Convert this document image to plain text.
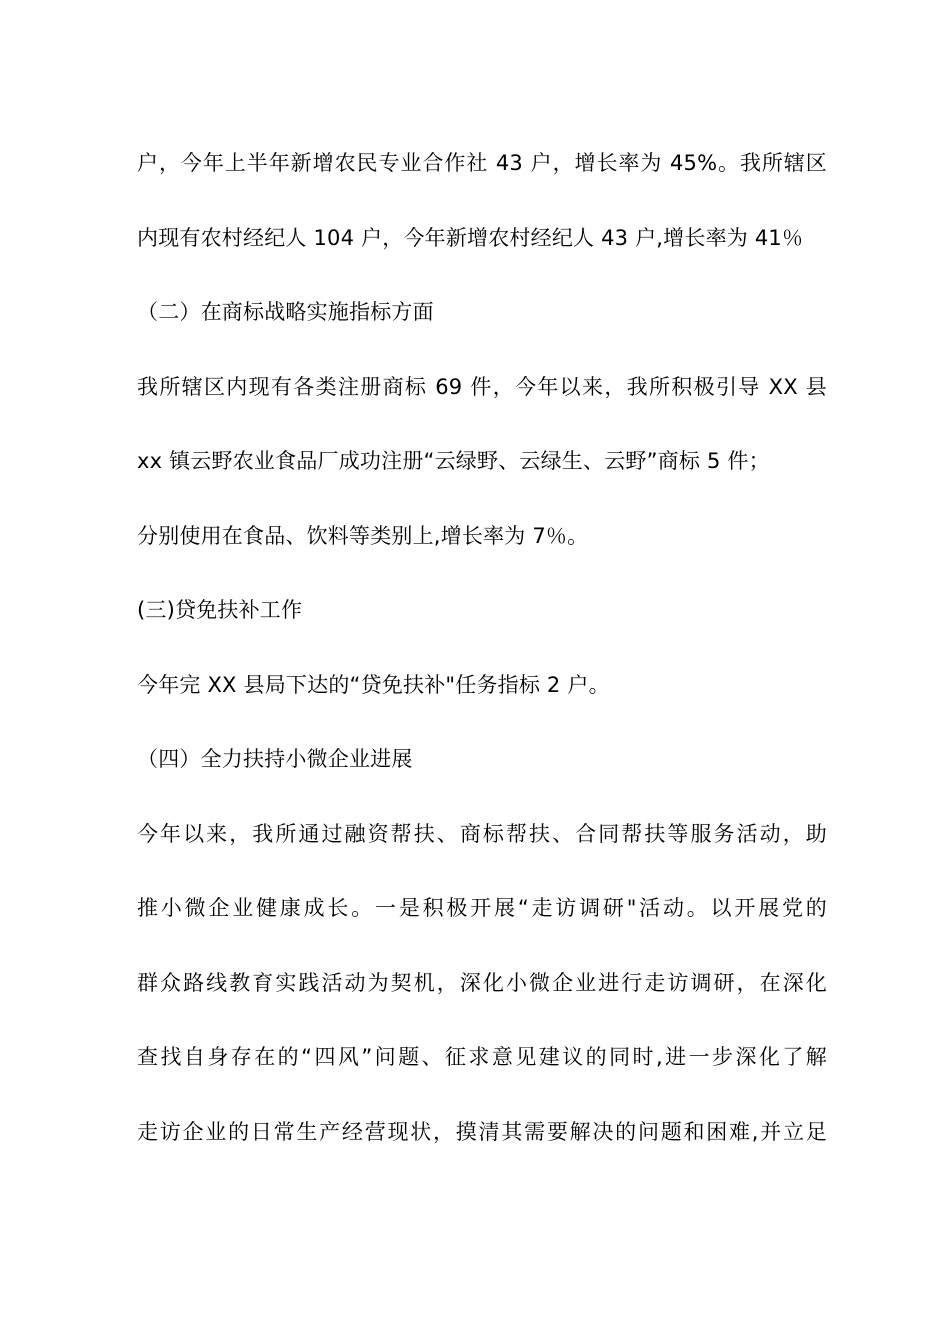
户，今年上半年新增农民专业合作社 43 户，增长率为 45%。我所辖区
内现有农村经纪人 104 户，今年新增农村经纪人 43 户,增长率为 41％
（二）在商标战略实施指标方面
我所辖区内现有各类注册商标 69 件，今年以来，我所积极引导 XX 县
xx 镇云野农业食品厂成功注册“云绿野、云绿生、云野”商标 5 件；
分别使用在食品、饮料等类别上,增长率为 7％。
(三)贷免扶补工作
今年完 XX 县局下达的“贷免扶补"任务指标 2 户。
（四）全力扶持小微企业进展
今年以来，我所通过融资帮扶、商标帮扶、合同帮扶等服务活动，助
推小微企业健康成长。一是积极开展“走访调研"活动。以开展党的
群众路线教育实践活动为契机，深化小微企业进行走访调研，在深化
查找自身存在的“四风”问题、征求意见建议的同时,进一步深化了解
走访企业的日常生产经营现状，摸清其需要解决的问题和困难,并立足
